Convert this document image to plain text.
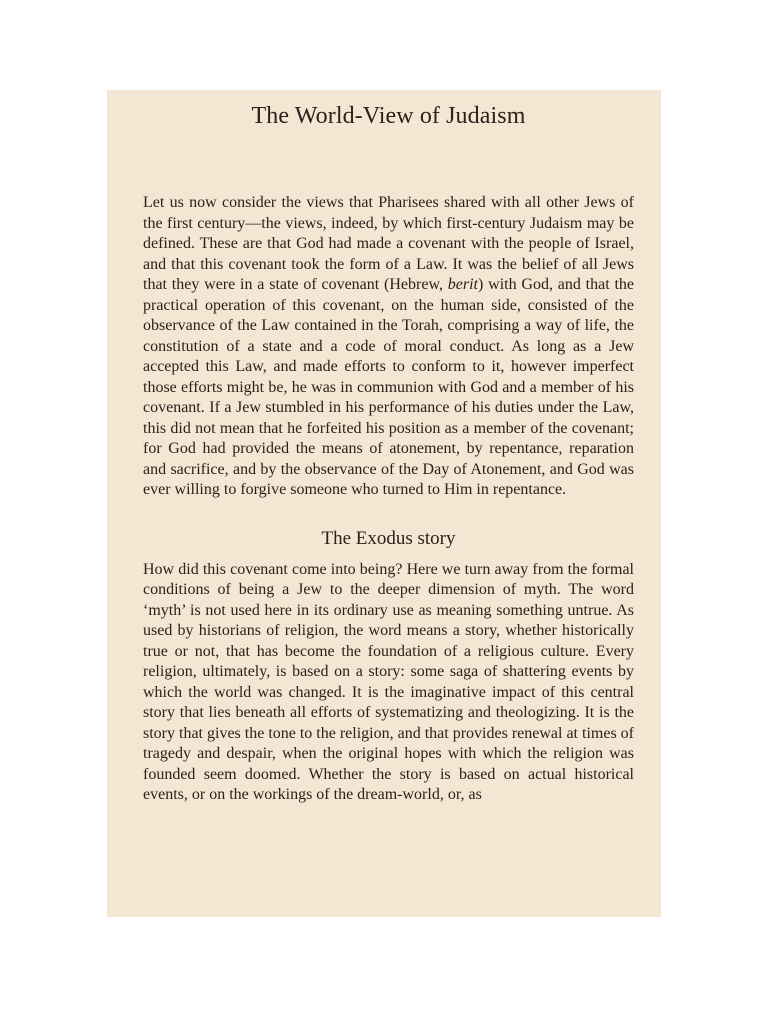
The World-View of Judaism

Let us now consider the views that Pharisees shared with all other Jews of the first century—the views, indeed, by which first-century Judaism may be defined. These are that God had made a covenant with the people of Israel, and that this covenant took the form of a Law. It was the belief of all Jews that they were in a state of covenant (Hebrew, berit) with God, and that the practical operation of this covenant, on the human side, consisted of the observance of the Law contained in the Torah, comprising a way of life, the constitution of a state and a code of moral conduct. As long as a Jew accepted this Law, and made efforts to conform to it, however imperfect those efforts might be, he was in communion with God and a member of his covenant. If a Jew stumbled in his performance of his duties under the Law, this did not mean that he forfeited his position as a member of the covenant; for God had provided the means of atonement, by repentance, reparation and sacrifice, and by the observance of the Day of Atonement, and God was ever willing to forgive someone who turned to Him in repentance.

The Exodus story

How did this covenant come into being? Here we turn away from the formal conditions of being a Jew to the deeper dimension of myth. The word ‘myth’ is not used here in its ordinary use as meaning something untrue. As used by historians of religion, the word means a story, whether historically true or not, that has become the foundation of a religious culture. Every religion, ultimately, is based on a story: some saga of shattering events by which the world was changed. It is the imaginative impact of this central story that lies beneath all efforts of systematizing and theologizing. It is the story that gives the tone to the religion, and that provides renewal at times of tragedy and despair, when the original hopes with which the religion was founded seem doomed. Whether the story is based on actual historical events, or on the workings of the dream-world, or, as
